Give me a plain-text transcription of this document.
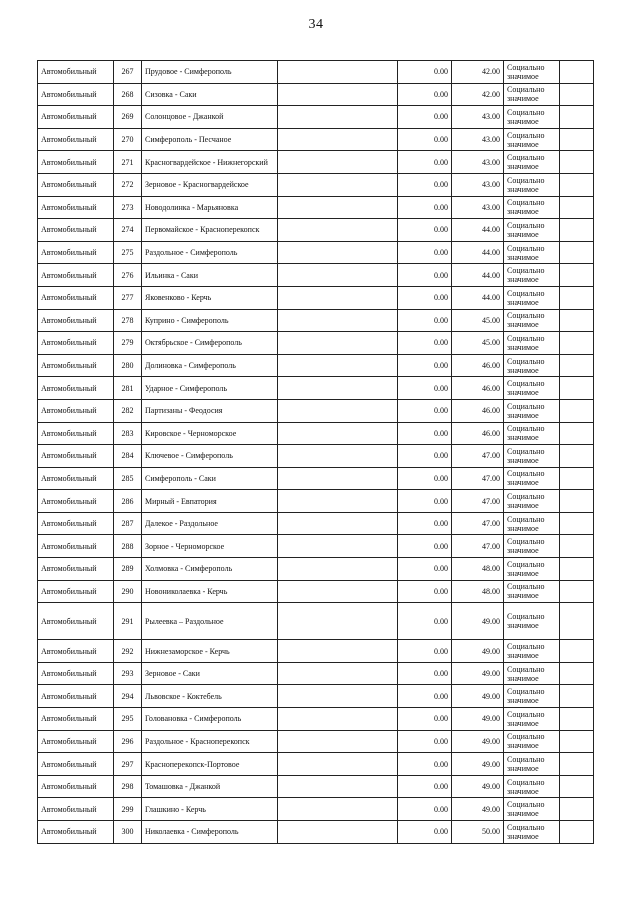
34
Автомобильный	267	Прудовое - Симферополь		0.00	42.00	Социально значимое	
Автомобильный	268	Сизовка - Саки		0.00	42.00	Социально значимое	
Автомобильный	269	Солонцовое - Джанкой		0.00	43.00	Социально значимое	
Автомобильный	270	Симферополь - Песчаное		0.00	43.00	Социально значимое	
Автомобильный	271	Красногвардейское - Нижнегорский		0.00	43.00	Социально значимое	
Автомобильный	272	Зерновое - Красногвардейское		0.00	43.00	Социально значимое	
Автомобильный	273	Новодолинка - Марьяновка		0.00	43.00	Социально значимое	
Автомобильный	274	Первомайское - Красноперекопск		0.00	44.00	Социально значимое	
Автомобильный	275	Раздольное - Симферополь		0.00	44.00	Социально значимое	
Автомобильный	276	Ильинка - Саки		0.00	44.00	Социально значимое	
Автомобильный	277	Яковенково - Керчь		0.00	44.00	Социально значимое	
Автомобильный	278	Куприно - Симферополь		0.00	45.00	Социально значимое	
Автомобильный	279	Октябрьское - Симферополь		0.00	45.00	Социально значимое	
Автомобильный	280	Долиновка - Симферополь		0.00	46.00	Социально значимое	
Автомобильный	281	Ударное - Симферополь		0.00	46.00	Социально значимое	
Автомобильный	282	Партизаны - Феодосия		0.00	46.00	Социально значимое	
Автомобильный	283	Кировское - Черноморское		0.00	46.00	Социально значимое	
Автомобильный	284	Ключевое - Симферополь		0.00	47.00	Социально значимое	
Автомобильный	285	Симферополь - Саки		0.00	47.00	Социально значимое	
Автомобильный	286	Мирный - Евпатория		0.00	47.00	Социально значимое	
Автомобильный	287	Далекое - Раздольное		0.00	47.00	Социально значимое	
Автомобильный	288	Зорнoe - Черноморское		0.00	47.00	Социально значимое	
Автомобильный	289	Холмовка - Симферополь		0.00	48.00	Социально значимое	
Автомобильный	290	Новониколаевка - Керчь		0.00	48.00	Социально значимое	
Автомобильный	291	Рылеевка – Раздольное		0.00	49.00	Социально значимое	
Автомобильный	292	Нижнезаморское - Керчь		0.00	49.00	Социально значимое	
Автомобильный	293	Зерновое - Саки		0.00	49.00	Социально значимое	
Автомобильный	294	Львовское - Коктебель		0.00	49.00	Социально значимое	
Автомобильный	295	Головановка - Симферополь		0.00	49.00	Социально значимое	
Автомобильный	296	Раздольное - Красноперекопск		0.00	49.00	Социально значимое	
Автомобильный	297	Красноперекопск-Портовое		0.00	49.00	Социально значимое	
Автомобильный	298	Томашовка - Джанкой		0.00	49.00	Социально значимое	
Автомобильный	299	Глашкино - Керчь		0.00	49.00	Социально значимое	
Автомобильный	300	Николаевка - Симферополь		0.00	50.00	Социально значимое	
